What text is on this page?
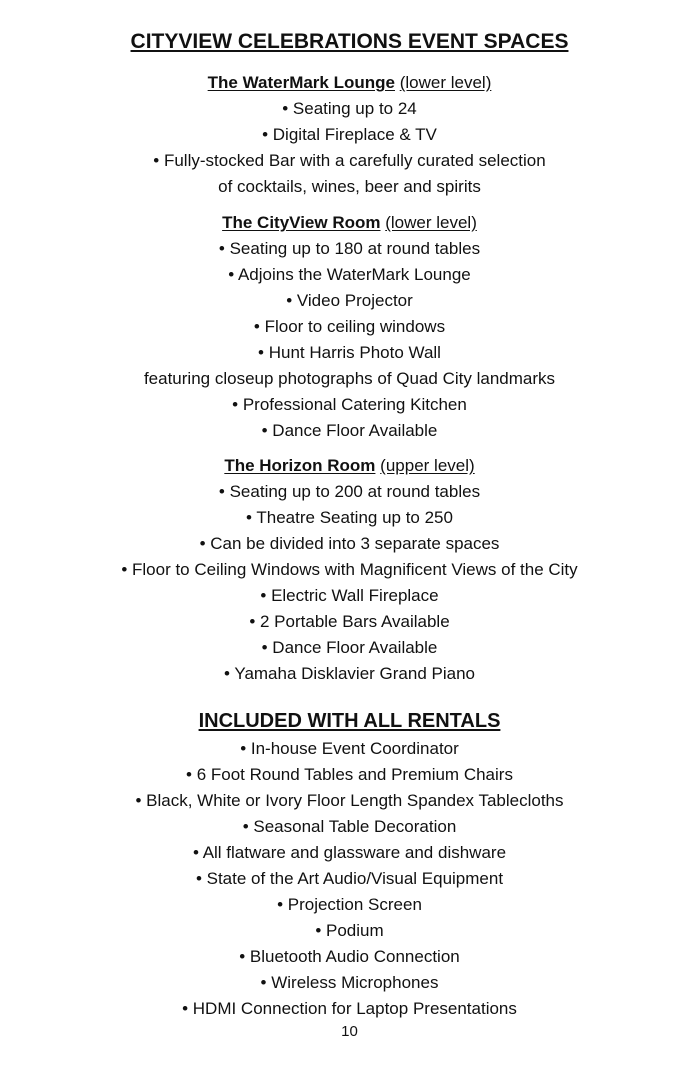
CITYVIEW CELEBRATIONS EVENT SPACES
The WaterMark Lounge (lower level)
• Seating up to 24
• Digital Fireplace & TV
• Fully-stocked Bar with a carefully curated selection
of cocktails, wines, beer and spirits
The CityView Room (lower level)
• Seating up to 180 at round tables
• Adjoins the WaterMark Lounge
• Video Projector
• Floor to ceiling windows
• Hunt Harris Photo Wall
featuring closeup photographs of Quad City landmarks
• Professional Catering Kitchen
• Dance Floor Available
The Horizon Room (upper level)
• Seating up to 200 at round tables
• Theatre Seating up to 250
• Can be divided into 3 separate spaces
• Floor to Ceiling Windows with Magnificent Views of the City
• Electric Wall Fireplace
• 2 Portable Bars Available
• Dance Floor Available
• Yamaha Disklavier Grand Piano
INCLUDED WITH ALL RENTALS
• In-house Event Coordinator
• 6 Foot Round Tables and Premium Chairs
• Black, White or Ivory Floor Length Spandex Tablecloths
• Seasonal Table Decoration
• All flatware and glassware and dishware
• State of the Art Audio/Visual Equipment
• Projection Screen
• Podium
• Bluetooth Audio Connection
• Wireless Microphones
• HDMI Connection for Laptop Presentations
10
